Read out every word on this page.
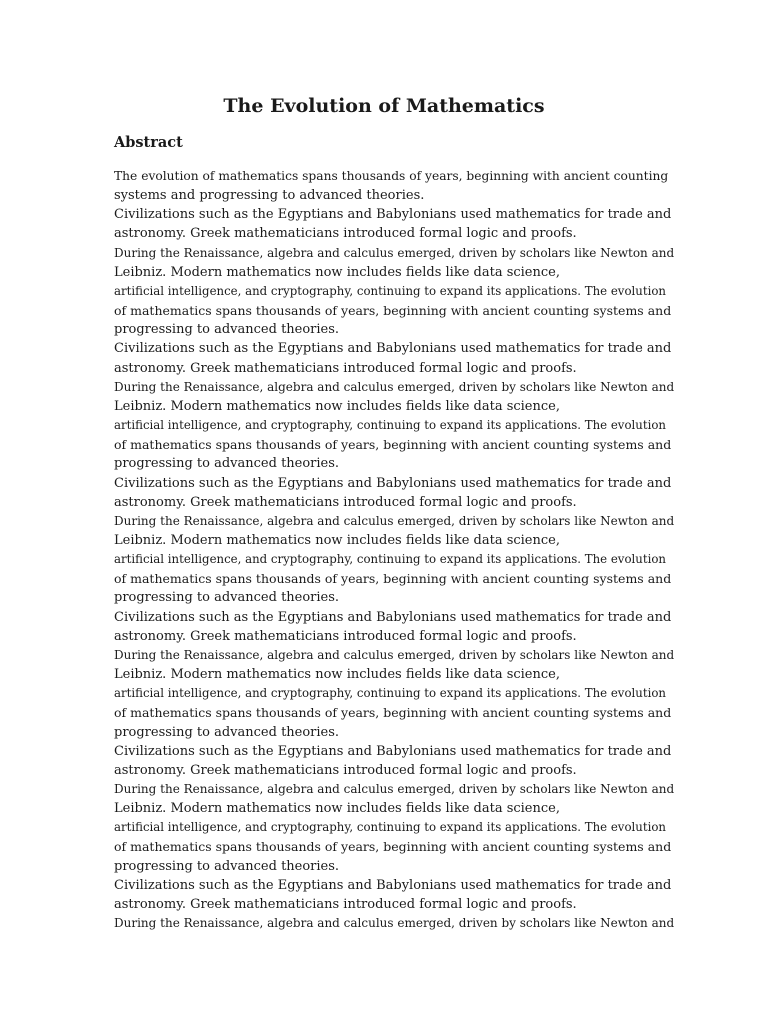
The Evolution of Mathematics
Abstract
The evolution of mathematics spans thousands of years, beginning with ancient counting
systems and progressing to advanced theories.
Civilizations such as the Egyptians and Babylonians used mathematics for trade and
astronomy. Greek mathematicians introduced formal logic and proofs.
During the Renaissance, algebra and calculus emerged, driven by scholars like Newton and
Leibniz. Modern mathematics now includes fields like data science,
artificial intelligence, and cryptography, continuing to expand its applications. The evolution
of mathematics spans thousands of years, beginning with ancient counting systems and
progressing to advanced theories.
Civilizations such as the Egyptians and Babylonians used mathematics for trade and
astronomy. Greek mathematicians introduced formal logic and proofs.
During the Renaissance, algebra and calculus emerged, driven by scholars like Newton and
Leibniz. Modern mathematics now includes fields like data science,
artificial intelligence, and cryptography, continuing to expand its applications. The evolution
of mathematics spans thousands of years, beginning with ancient counting systems and
progressing to advanced theories.
Civilizations such as the Egyptians and Babylonians used mathematics for trade and
astronomy. Greek mathematicians introduced formal logic and proofs.
During the Renaissance, algebra and calculus emerged, driven by scholars like Newton and
Leibniz. Modern mathematics now includes fields like data science,
artificial intelligence, and cryptography, continuing to expand its applications. The evolution
of mathematics spans thousands of years, beginning with ancient counting systems and
progressing to advanced theories.
Civilizations such as the Egyptians and Babylonians used mathematics for trade and
astronomy. Greek mathematicians introduced formal logic and proofs.
During the Renaissance, algebra and calculus emerged, driven by scholars like Newton and
Leibniz. Modern mathematics now includes fields like data science,
artificial intelligence, and cryptography, continuing to expand its applications. The evolution
of mathematics spans thousands of years, beginning with ancient counting systems and
progressing to advanced theories.
Civilizations such as the Egyptians and Babylonians used mathematics for trade and
astronomy. Greek mathematicians introduced formal logic and proofs.
During the Renaissance, algebra and calculus emerged, driven by scholars like Newton and
Leibniz. Modern mathematics now includes fields like data science,
artificial intelligence, and cryptography, continuing to expand its applications. The evolution
of mathematics spans thousands of years, beginning with ancient counting systems and
progressing to advanced theories.
Civilizations such as the Egyptians and Babylonians used mathematics for trade and
astronomy. Greek mathematicians introduced formal logic and proofs.
During the Renaissance, algebra and calculus emerged, driven by scholars like Newton and
